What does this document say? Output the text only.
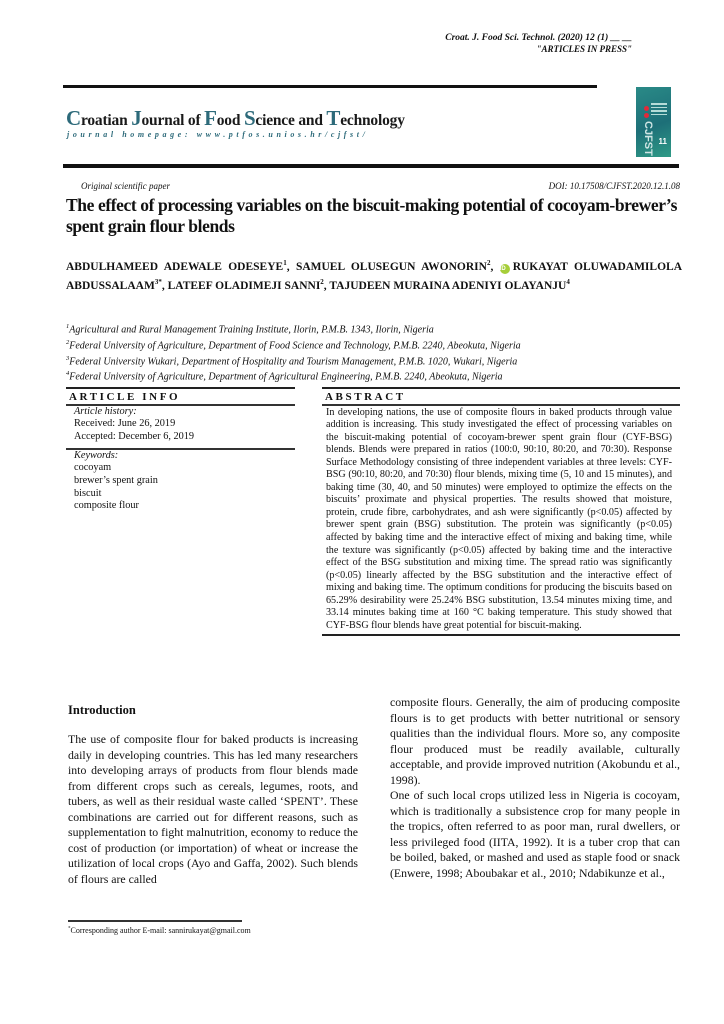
Croat. J. Food Sci. Technol. (2020) 12 (1) __ __
"ARTICLES IN PRESS"
Croatian Journal of Food Science and Technology
journal homepage: www.ptfos.unios.hr/cjfst/	CJFST 11
Original scientific paper	DOI: 10.17508/CJFST.2020.12.1.08
The effect of processing variables on the biscuit-making potential of cocoyam-brewer’s spent grain flour blends
ABDULHAMEED ADEWALE ODESEYE$^1$, SAMUEL OLUSEGUN AWONORIN$^2$, iD RUKAYAT OLUWADAMILOLA $ABDUSSALAAM^{3*}$, LATEEF OLADIMEJI SANNI$^2$, TAJUDEEN MURAINA ADENIYI OLAYANJU$^4$
$^1$Agricultural and Rural Management Training Institute, Ilorin, P.M.B. 1343, Ilorin, Nigeria
$^2$Federal University of Agriculture, Department of Food Science and Technology, P.M.B. 2240, Abeokuta, Nigeria
$^3$Federal University Wukari, Department of Hospitality and Tourism Management, P.M.B. 1020, Wukari, Nigeria
$^4$Federal University of Agriculture, Department of Agricultural Engineering, P.M.B. 2240, Abeokuta, Nigeria
ARTICLE INFO
Article history:
Received: June 26, 2019
Accepted: December 6, 2019
Keywords:
cocoyam
brewer’s spent grain
biscuit
composite flour
ABSTRACT
In developing nations, the use of composite flours in baked products through value addition is increasing. This study investigated the effect of processing variables on the biscuit-making potential of cocoyam-brewer spent grain flour (CYF-BSG) blends. Blends were prepared in ratios (100:0, 90:10, 80:20, and 70:30). Response Surface Methodology consisting of three independent variables at three levels: CYF-BSG (90:10, 80:20, and 70:30) flour blends, mixing time (5, 10 and 15 minutes), and baking time (30, 40, and 50 minutes) were employed to optimize the effects on the biscuits’ proximate and physical properties. The results showed that moisture, protein, crude fibre, carbohydrates, and ash were significantly (p<0.05) affected by brewer spent grain (BSG) substitution. The protein was significantly (p<0.05) affected by baking time and the interactive effect of mixing and baking time, while the texture was significantly (p<0.05) affected by baking time and the interactive effect of the BSG substitution and mixing time. The spread ratio was significantly (p<0.05) linearly affected by the BSG substitution and the interactive effect of mixing and baking time. The optimum conditions for producing the biscuits based on 65.29% desirability were 25.24% BSG substitution, 13.54 minutes mixing time, and 33.14 minutes baking time at 160 °C baking temperature. This study showed that CYF-BSG flour blends have great potential for biscuit-making.
Introduction

The use of composite flour for baked products is increasing daily in developing countries. This has led many researchers into developing arrays of products from flour blends made from different crops such as cereals, legumes, roots, and tubers, as well as their residual waste called ‘SPENT’. These combinations are carried out for different reasons, such as supplementation to fight malnutrition, economy to reduce the cost of production (or importation) of wheat or increase the utilization of local crops (Ayo and Gaffa, 2002). Such blends of flours are called

composite flours. Generally, the aim of producing composite flours is to get products with better nutritional or sensory qualities than the individual flours. More so, any composite flour produced must be readily available, culturally acceptable, and provide improved nutrition (Akobundu et al., 1998).

One of such local crops utilized less in Nigeria is cocoyam, which is traditionally a subsistence crop for many people in the tropics, often referred to as poor man, rural dwellers, or less privileged food (IITA, 1992). It is a tuber crop that can be boiled, baked, or mashed and used as staple food or snack (Enwere, 1998; Aboubakar et al., 2010; Ndabikunze et al.,

*Corresponding author E-mail: sannirukayat@gmail.com
